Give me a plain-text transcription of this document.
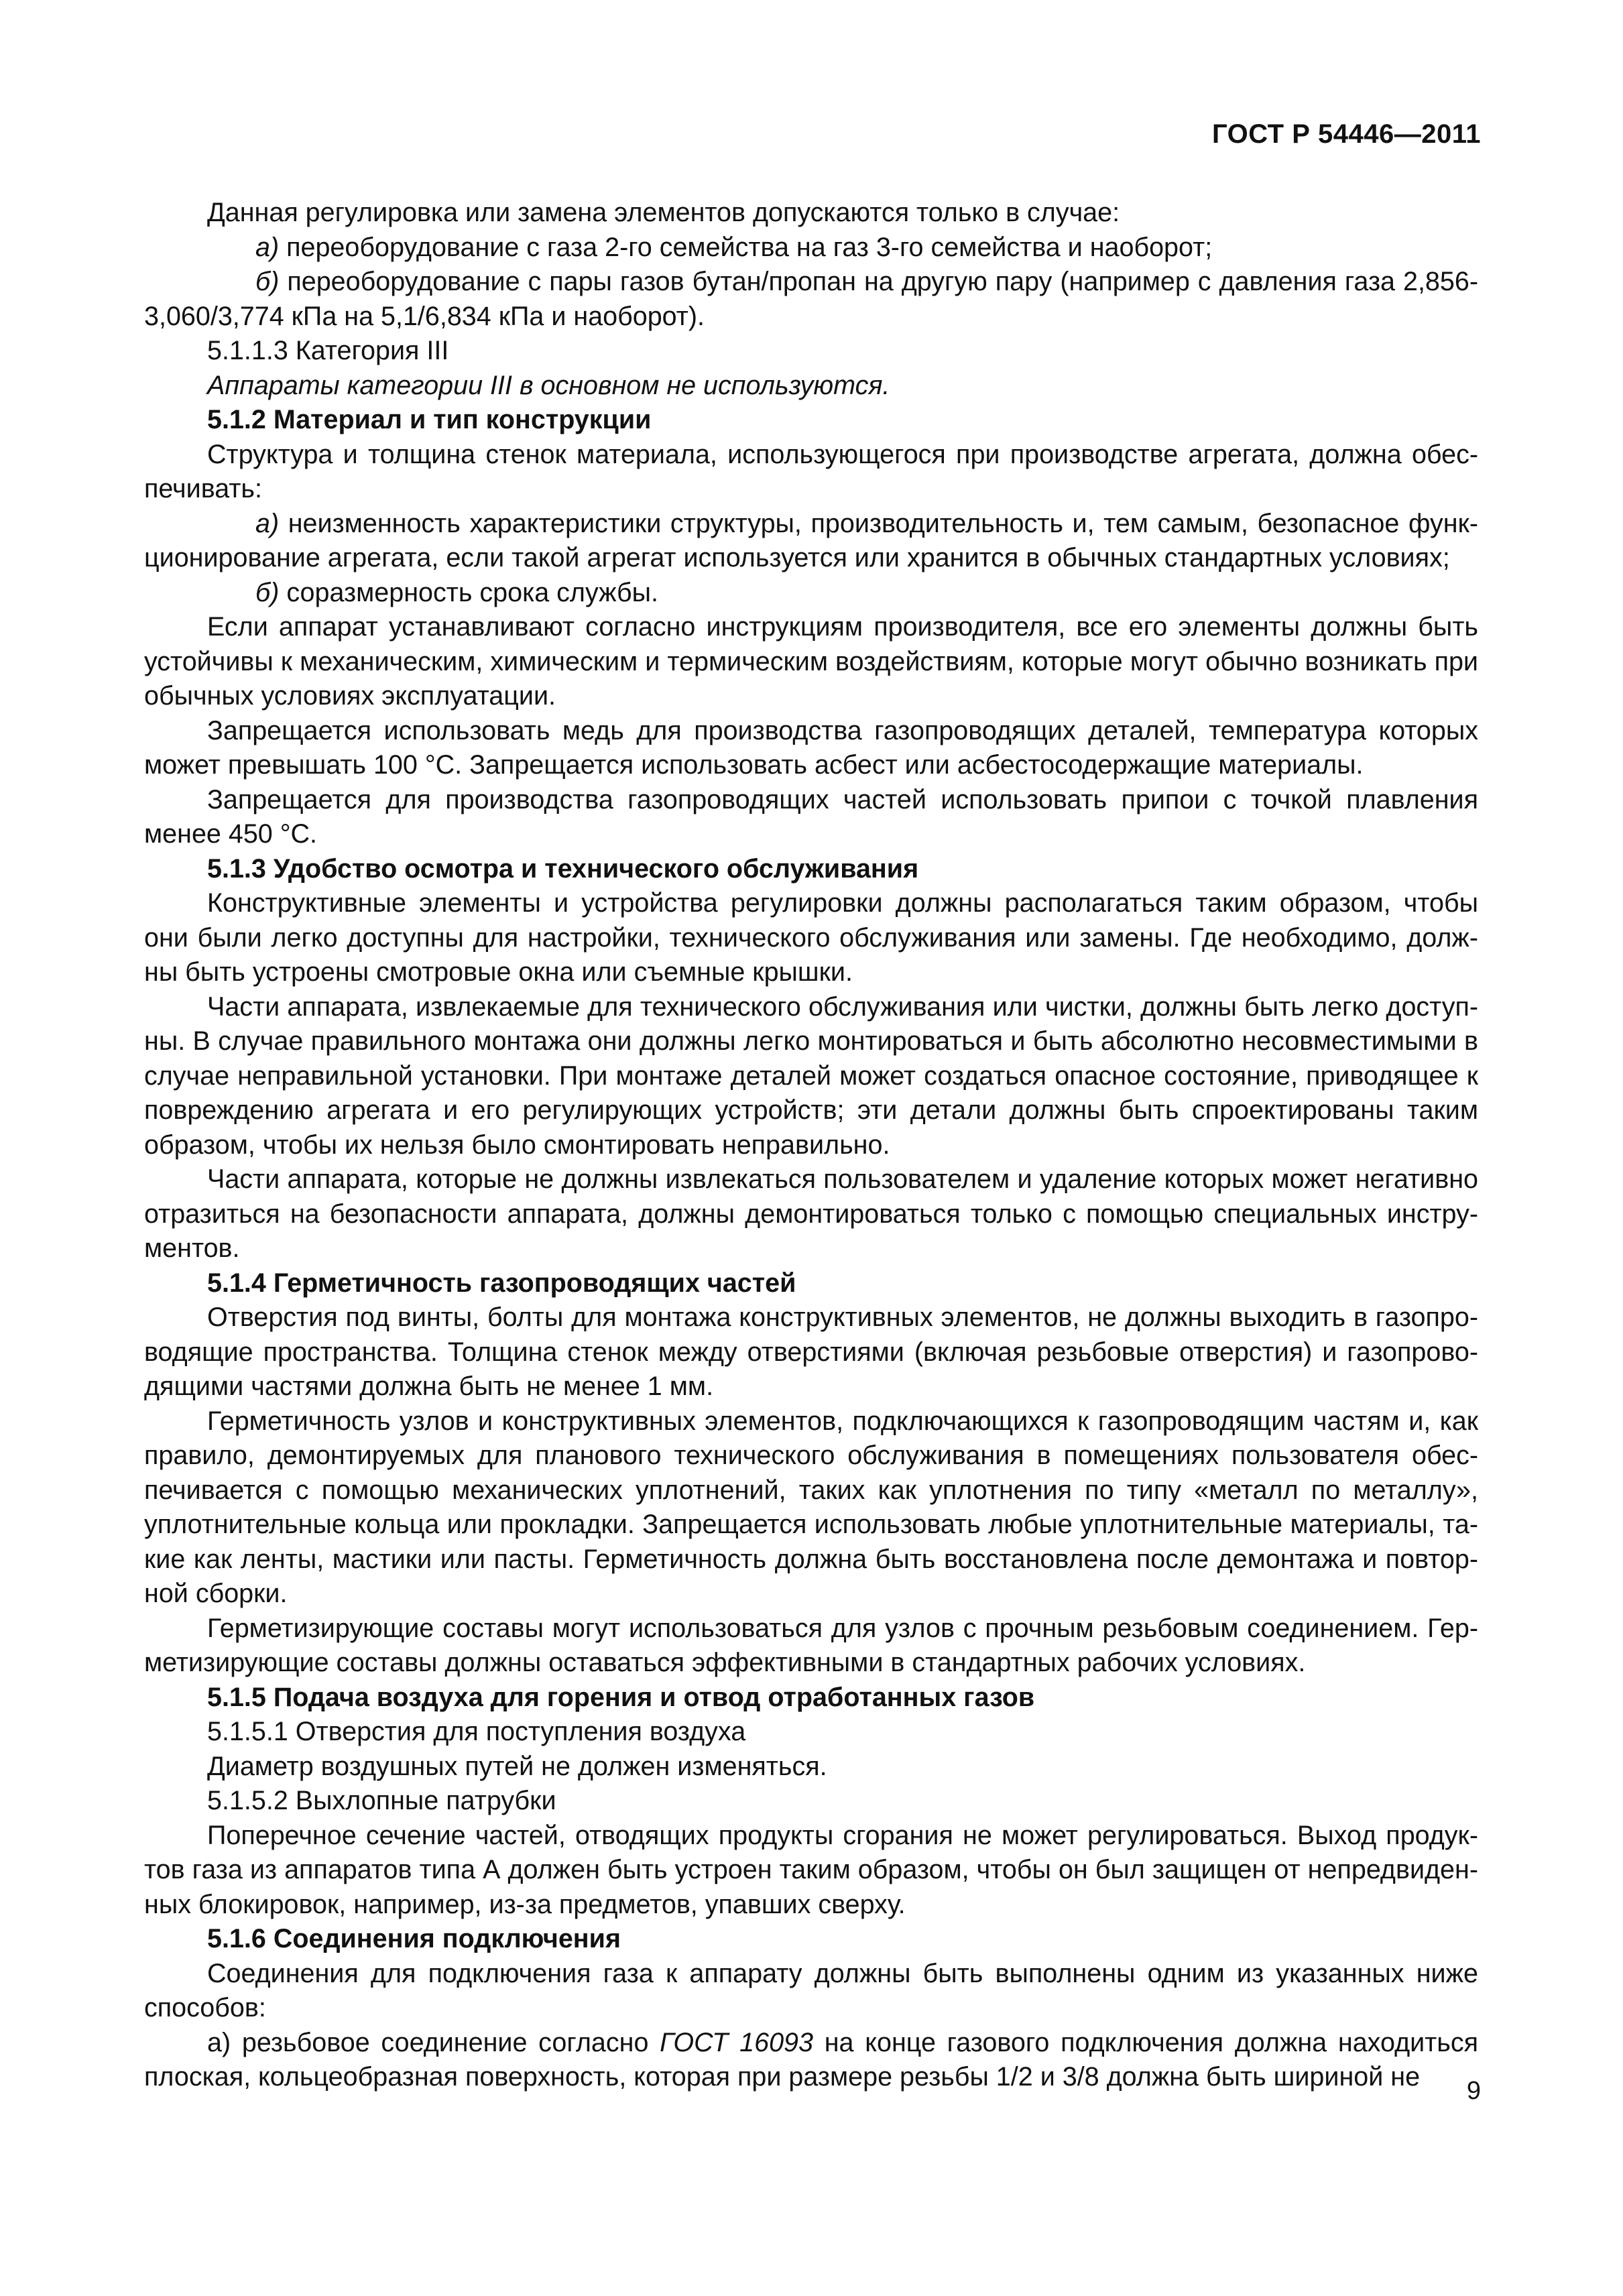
ГОСТ Р 54446—2011

Данная регулировка или замена элементов допускаются только в случае:

а) переоборудование с газа 2-го семейства на газ 3-го семейства и наоборот;

б) переоборудование с пары газов бутан/пропан на другую пару (например с давления газа 2,856-3,060/3,774 кПа на 5,1/6,834 кПа и наоборот).

5.1.1.3 Категория III

Аппараты категории III в основном не используются.

5.1.2 Материал и тип конструкции

Структура и толщина стенок материала, использующегося при производстве агрегата, должна обеспечивать:

а) неизменность характеристики структуры, производительность и, тем самым, безопасное функционирование агрегата, если такой агрегат используется или хранится в обычных стандартных условиях;

б) соразмерность срока службы.

Если аппарат устанавливают согласно инструкциям производителя, все его элементы должны быть устойчивы к механическим, химическим и термическим воздействиям, которые могут обычно возникать при обычных условиях эксплуатации.

Запрещается использовать медь для производства газопроводящих деталей, температура которых может превышать 100 °С. Запрещается использовать асбест или асбестосодержащие материалы.

Запрещается для производства газопроводящих частей использовать припои с точкой плавления менее 450 °С.

5.1.3 Удобство осмотра и технического обслуживания

Конструктивные элементы и устройства регулировки должны располагаться таким образом, чтобы они были легко доступны для настройки, технического обслуживания или замены. Где необходимо, должны быть устроены смотровые окна или съемные крышки.

Части аппарата, извлекаемые для технического обслуживания или чистки, должны быть легко доступны. В случае правильного монтажа они должны легко монтироваться и быть абсолютно несовместимыми в случае неправильной установки. При монтаже деталей может создаться опасное состояние, приводящее к повреждению агрегата и его регулирующих устройств; эти детали должны быть спроектированы таким образом, чтобы их нельзя было смонтировать неправильно.

Части аппарата, которые не должны извлекаться пользователем и удаление которых может негативно отразиться на безопасности аппарата, должны демонтироваться только с помощью специальных инструментов.

5.1.4 Герметичность газопроводящих частей

Отверстия под винты, болты для монтажа конструктивных элементов, не должны выходить в газопроводящие пространства. Толщина стенок между отверстиями (включая резьбовые отверстия) и газопроводящими частями должна быть не менее 1 мм.

Герметичность узлов и конструктивных элементов, подключающихся к газопроводящим частям и, как правило, демонтируемых для планового технического обслуживания в помещениях пользователя обеспечивается с помощью механических уплотнений, таких как уплотнения по типу «металл по металлу», уплотнительные кольца или прокладки. Запрещается использовать любые уплотнительные материалы, такие как ленты, мастики или пасты. Герметичность должна быть восстановлена после демонтажа и повторной сборки.

Герметизирующие составы могут использоваться для узлов с прочным резьбовым соединением. Герметизирующие составы должны оставаться эффективными в стандартных рабочих условиях.

5.1.5 Подача воздуха для горения и отвод отработанных газов

5.1.5.1 Отверстия для поступления воздуха

Диаметр воздушных путей не должен изменяться.

5.1.5.2 Выхлопные патрубки

Поперечное сечение частей, отводящих продукты сгорания не может регулироваться. Выход продуктов газа из аппаратов типа А должен быть устроен таким образом, чтобы он был защищен от непредвиденных блокировок, например, из-за предметов, упавших сверху.

5.1.6 Соединения подключения

Соединения для подключения газа к аппарату должны быть выполнены одним из указанных ниже способов:

а) резьбовое соединение согласно ГОСТ 16093 на конце газового подключения должна находиться плоская, кольцеобразная поверхность, которая при размере резьбы 1/2 и 3/8 должна быть шириной не	9
